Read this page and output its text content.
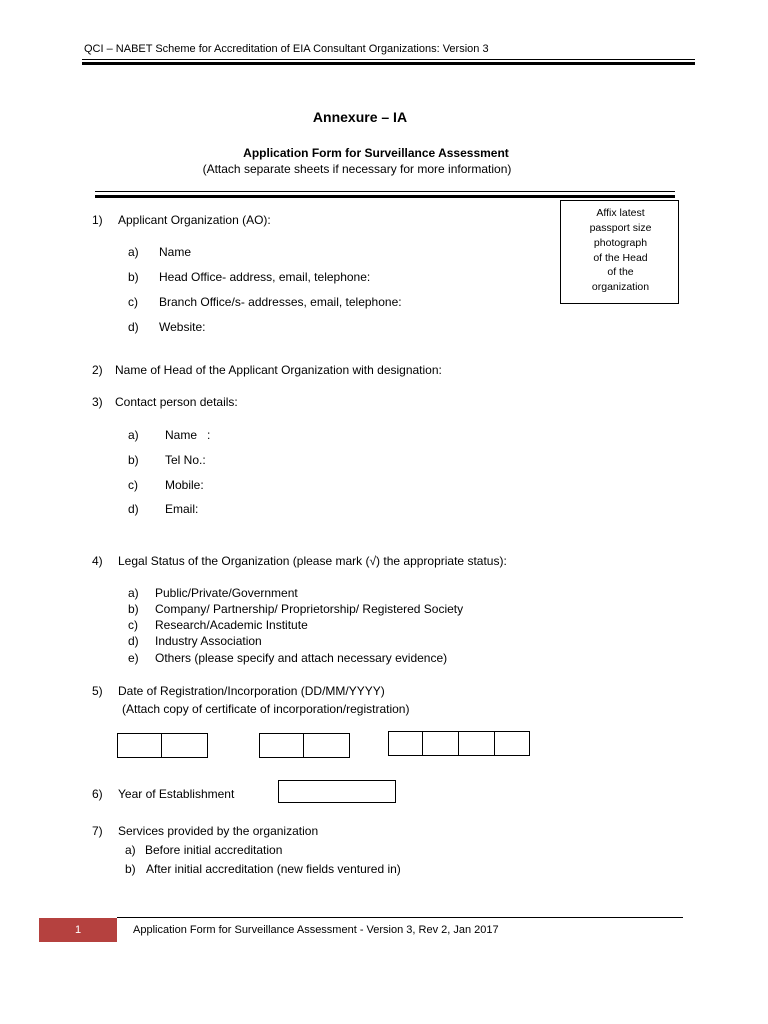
QCI – NABET Scheme for Accreditation of EIA Consultant Organizations: Version 3
Annexure – IA
Application Form for Surveillance Assessment
(Attach separate sheets if necessary for more information)
Affix latest
passport size
photograph
of the Head
of the
organization
1) Applicant Organization (AO):
a) Name
b) Head Office- address, email, telephone:
c) Branch Office/s- addresses, email, telephone:
d) Website:
2) Name of Head of the Applicant Organization with designation:
3) Contact person details:
a) Name   :
b) Tel No.:
c) Mobile:
d) Email:
4) Legal Status of the Organization (please mark (√) the appropriate status):
a) Public/Private/Government
b) Company/ Partnership/ Proprietorship/ Registered Society
c) Research/Academic Institute
d) Industry Association
e) Others (please specify and attach necessary evidence)
5) Date of Registration/Incorporation (DD/MM/YYYY)
(Attach copy of certificate of incorporation/registration)
6) Year of Establishment
7) Services provided by the organization
a) Before initial accreditation
b) After initial accreditation (new fields ventured in)
1	Application Form for Surveillance Assessment - Version 3, Rev 2, Jan 2017
